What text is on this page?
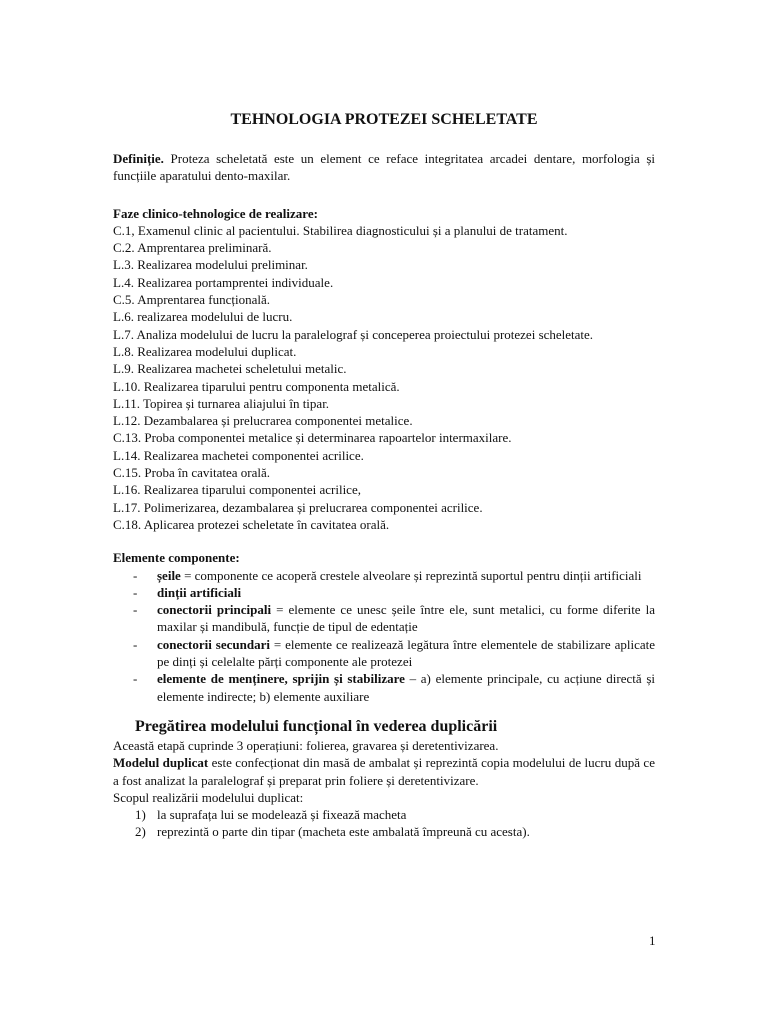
TEHNOLOGIA PROTEZEI SCHELETATE

Definiție. Proteza scheletată este un element ce reface integritatea arcadei dentare, morfologia și funcțiile aparatului dento-maxilar.

Faze clinico-tehnologice de realizare:
C.1, Examenul clinic al pacientului. Stabilirea diagnosticului și a planului de tratament.
C.2. Amprentarea preliminară.
L.3. Realizarea modelului preliminar.
L.4. Realizarea portamprentei individuale.
C.5. Amprentarea funcțională.
L.6. realizarea modelului de lucru.
L.7. Analiza modelului de lucru la paralelograf și conceperea proiectului protezei scheletate.
L.8. Realizarea modelului duplicat.
L.9. Realizarea machetei scheletului metalic.
L.10. Realizarea tiparului pentru componenta metalică.
L.11. Topirea și turnarea aliajului în tipar.
L.12. Dezambalarea și prelucrarea componentei metalice.
C.13. Proba componentei metalice și determinarea rapoartelor intermaxilare.
L.14. Realizarea machetei componentei acrilice.
C.15. Proba în cavitatea orală.
L.16. Realizarea tiparului componentei acrilice,
L.17. Polimerizarea, dezambalarea și prelucrarea componentei acrilice.
C.18. Aplicarea protezei scheletate în cavitatea orală.
Elemente componente:
- șeile = componente ce acoperă crestele alveolare și reprezintă suportul pentru dinții artificiali
- dinții artificiali
- conectorii principali = elemente ce unesc șeile între ele, sunt metalici, cu forme diferite la maxilar și mandibulă, funcție de tipul de edentație
- conectorii secundari = elemente ce realizează legătura între elementele de stabilizare aplicate pe dinți și celelalte părți componente ale protezei
- elemente de menținere, sprijin și stabilizare – a) elemente principale, cu acțiune directă și elemente indirecte; b) elemente auxiliare
Pregătirea modelului funcțional în vederea duplicării

Această etapă cuprinde 3 operațiuni: folierea, gravarea și deretentivizarea.

Modelul duplicat este confecționat din masă de ambalat și reprezintă copia modelului de lucru după ce a fost analizat la paralelograf și preparat prin foliere și deretentivizare.

Scopul realizării modelului duplicat:

1) la suprafața lui se modelează și fixează macheta
2) reprezintă o parte din tipar (macheta este ambalată împreună cu acesta).
1
